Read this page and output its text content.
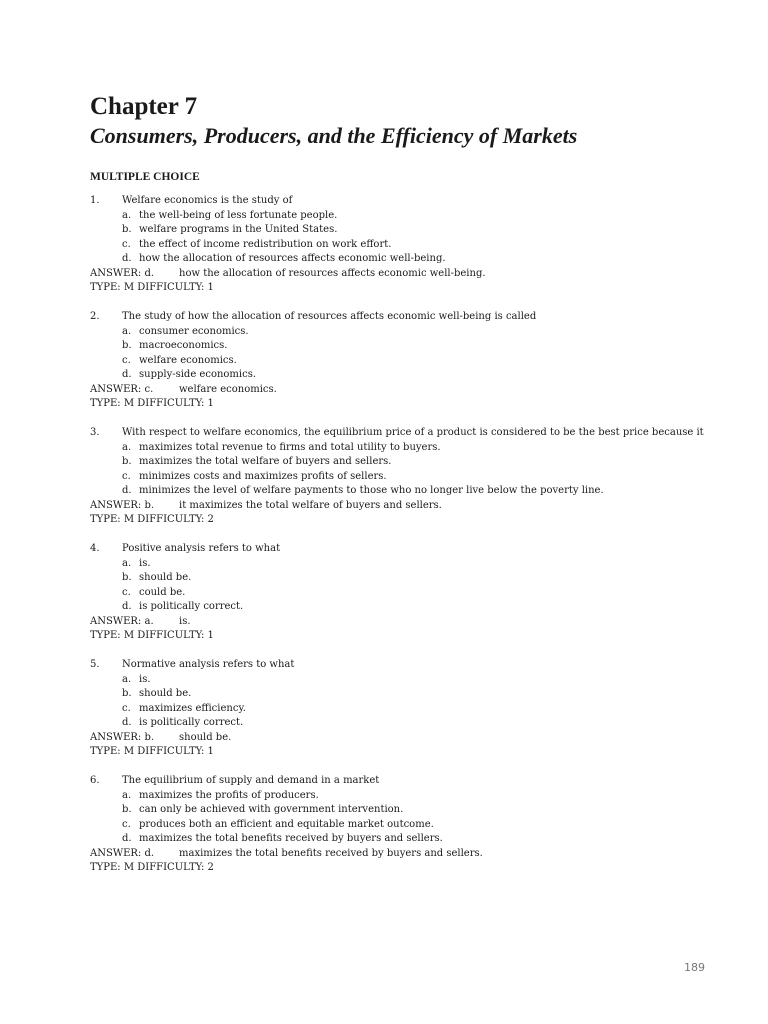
Chapter 7
Consumers, Producers, and the Efficiency of Markets
MULTIPLE CHOICE
1. Welfare economics is the study of
a. the well-being of less fortunate people.
b. welfare programs in the United States.
c. the effect of income redistribution on work effort.
d. how the allocation of resources affects economic well-being.
ANSWER: d. how the allocation of resources affects economic well-being.
TYPE: M DIFFICULTY: 1
2. The study of how the allocation of resources affects economic well-being is called
a. consumer economics.
b. macroeconomics.
c. welfare economics.
d. supply-side economics.
ANSWER: c.	welfare economics.
TYPE: M DIFFICULTY: 1
3. With respect to welfare economics, the equilibrium price of a product is considered to be the best price because it
a. maximizes total revenue to firms and total utility to buyers.
b. maximizes the total welfare of buyers and sellers.
c. minimizes costs and maximizes profits of sellers.
d. minimizes the level of welfare payments to those who no longer live below the poverty line.
ANSWER: b. it maximizes the total welfare of buyers and sellers.
TYPE: M DIFFICULTY: 2
4. Positive analysis refers to what
a. is.
b. should be.
c. could be.
d. is politically correct.
ANSWER: a.	is.
TYPE: M DIFFICULTY: 1
5. Normative analysis refers to what
a. is.
b. should be.
c. maximizes efficiency.
d. is politically correct.
ANSWER: b. should be.
TYPE: M DIFFICULTY: 1
6. The equilibrium of supply and demand in a market
a. maximizes the profits of producers.
b. can only be achieved with government intervention.
c. produces both an efficient and equitable market outcome.
d. maximizes the total benefits received by buyers and sellers.
ANSWER: d. maximizes the total benefits received by buyers and sellers.
TYPE: M DIFFICULTY: 2
189
